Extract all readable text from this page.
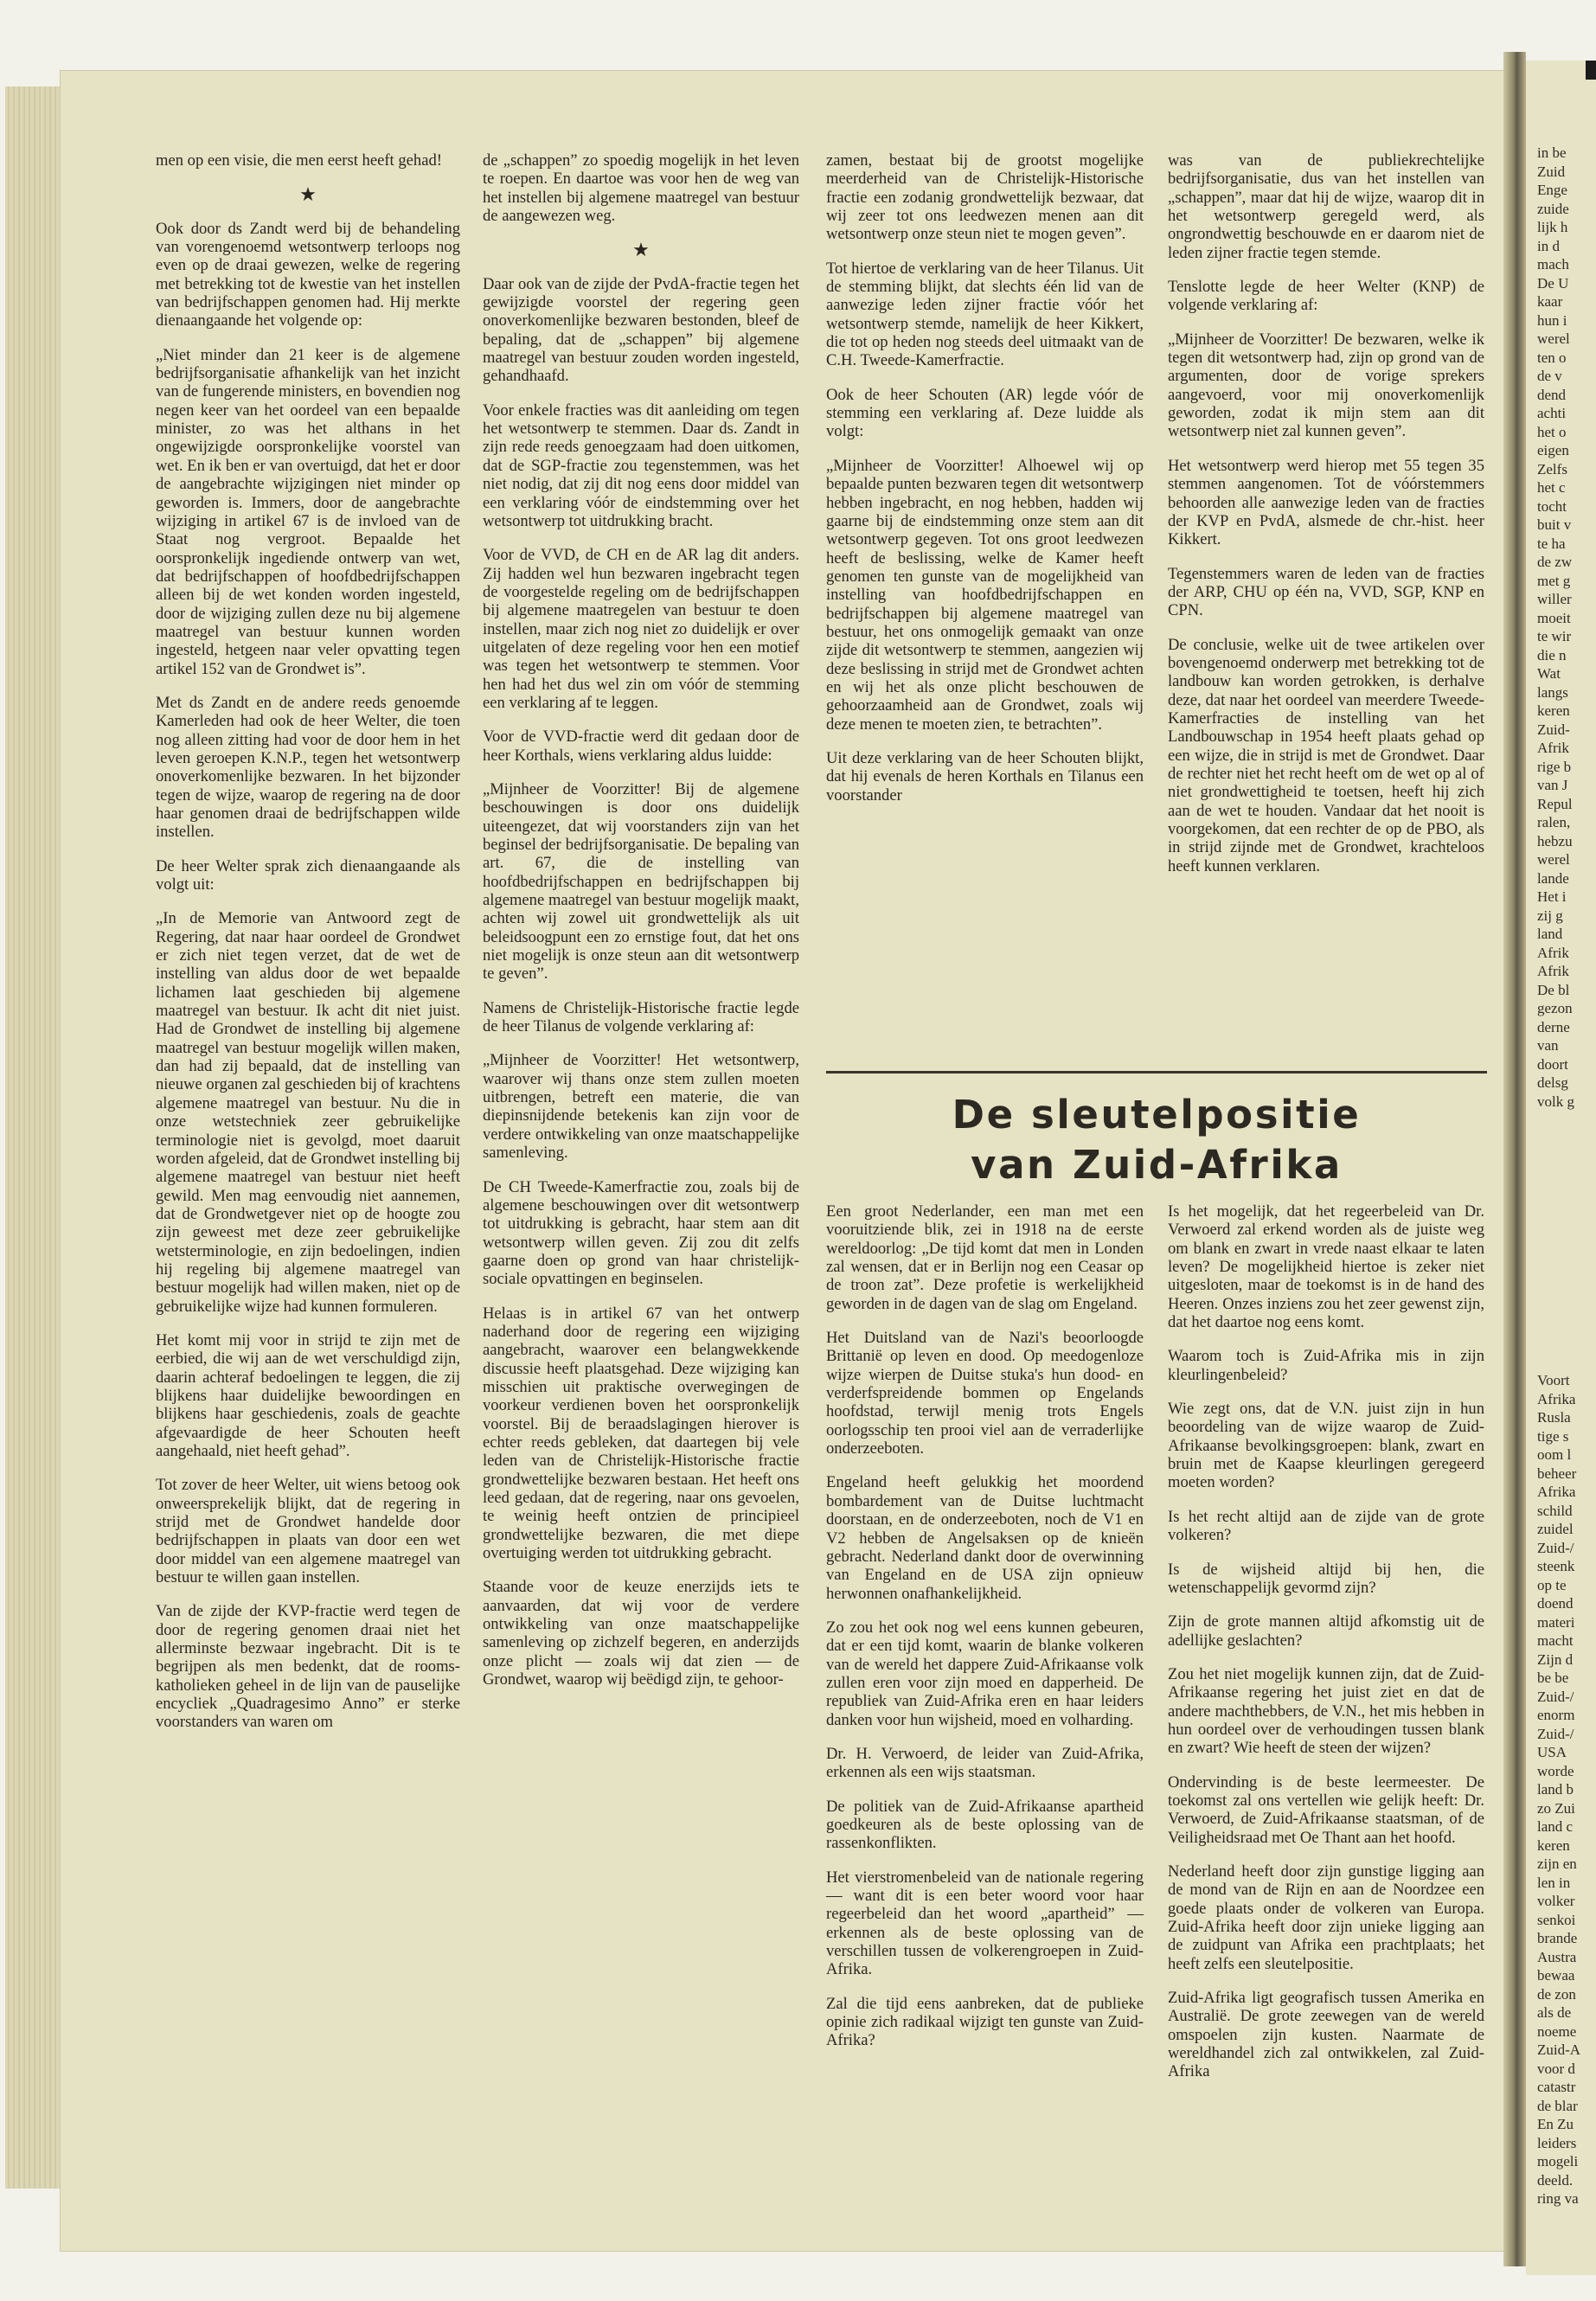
men op een visie, die men eerst heeft gehad!

★

Ook door ds Zandt werd bij de behandeling van vorengenoemd wetsontwerp terloops nog even op de draai gewezen, welke de regering met betrekking tot de kwestie van het instellen van bedrijfschappen genomen had. Hij merkte dienaangaande het volgende op:

„Niet minder dan 21 keer is de algemene bedrijfsorganisatie afhankelijk van het inzicht van de fungerende ministers, en bovendien nog negen keer van het oordeel van een bepaalde minister, zo was het althans in het ongewijzigde oorspronkelijke voorstel van wet. En ik ben er van overtuigd, dat het er door de aangebrachte wijzigingen niet minder op geworden is. Immers, door de aangebrachte wijziging in artikel 67 is de invloed van de Staat nog vergroot. Bepaalde het oorspronkelijk ingediende ontwerp van wet, dat bedrijfschappen of hoofdbedrijfschappen alleen bij de wet konden worden ingesteld, door de wijziging zullen deze nu bij algemene maatregel van bestuur kunnen worden ingesteld, hetgeen naar veler opvatting tegen artikel 152 van de Grondwet is”.

Met ds Zandt en de andere reeds genoemde Kamerleden had ook de heer Welter, die toen nog alleen zitting had voor de door hem in het leven geroepen K.N.P., tegen het wetsontwerp onoverkomenlijke bezwaren. In het bijzonder tegen de wijze, waarop de regering na de door haar genomen draai de bedrijfschappen wilde instellen.

De heer Welter sprak zich dienaangaande als volgt uit:

„In de Memorie van Antwoord zegt de Regering, dat naar haar oordeel de Grondwet er zich niet tegen verzet, dat de wet de instelling van aldus door de wet bepaalde lichamen laat geschieden bij algemene maatregel van bestuur. Ik acht dit niet juist. Had de Grondwet de instelling bij algemene maatregel van bestuur mogelijk willen maken, dan had zij bepaald, dat de instelling van nieuwe organen zal geschieden bij of krachtens algemene maatregel van bestuur. Nu die in onze wetstechniek zeer gebruikelijke terminologie niet is gevolgd, moet daaruit worden afgeleid, dat de Grondwet instelling bij algemene maatregel van bestuur niet heeft gewild. Men mag eenvoudig niet aannemen, dat de Grondwetgever niet op de hoogte zou zijn geweest met deze zeer gebruikelijke wetsterminologie, en zijn bedoelingen, indien hij regeling bij algemene maatregel van bestuur mogelijk had willen maken, niet op de gebruikelijke wijze had kunnen formuleren.

Het komt mij voor in strijd te zijn met de eerbied, die wij aan de wet verschuldigd zijn, daarin achteraf bedoelingen te leggen, die zij blijkens haar duidelijke bewoordingen en blijkens haar geschiedenis, zoals de geachte afgevaardigde de heer Schouten heeft aangehaald, niet heeft gehad”.

Tot zover de heer Welter, uit wiens betoog ook onweersprekelijk blijkt, dat de regering in strijd met de Grondwet handelde door bedrijfschappen in plaats van door een wet door middel van een algemene maatregel van bestuur te willen gaan instellen.

Van de zijde der KVP-fractie werd tegen de door de regering genomen draai niet het allerminste bezwaar ingebracht. Dit is te begrijpen als men bedenkt, dat de rooms-katholieken geheel in de lijn van de pauselijke encycliek „Quadragesimo Anno” er sterke voorstanders van waren om

de „schappen” zo spoedig mogelijk in het leven te roepen. En daartoe was voor hen de weg van het instellen bij algemene maatregel van bestuur de aangewezen weg.

★

Daar ook van de zijde der PvdA-fractie tegen het gewijzigde voorstel der regering geen onoverkomenlijke bezwaren bestonden, bleef de bepaling, dat de „schappen” bij algemene maatregel van bestuur zouden worden ingesteld, gehandhaafd.

Voor enkele fracties was dit aanleiding om tegen het wetsontwerp te stemmen. Daar ds. Zandt in zijn rede reeds genoegzaam had doen uitkomen, dat de SGP-fractie zou tegenstemmen, was het niet nodig, dat zij dit nog eens door middel van een verklaring vóór de eindstemming over het wetsontwerp tot uitdrukking bracht.

Voor de VVD, de CH en de AR lag dit anders. Zij hadden wel hun bezwaren ingebracht tegen de voorgestelde regeling om de bedrijfschappen bij algemene maatregelen van bestuur te doen instellen, maar zich nog niet zo duidelijk er over uitgelaten of deze regeling voor hen een motief was tegen het wetsontwerp te stemmen. Voor hen had het dus wel zin om vóór de stemming een verklaring af te leggen.

Voor de VVD-fractie werd dit gedaan door de heer Korthals, wiens verklaring aldus luidde:

„Mijnheer de Voorzitter! Bij de algemene beschouwingen is door ons duidelijk uiteengezet, dat wij voorstanders zijn van het beginsel der bedrijfsorganisatie. De bepaling van art. 67, die de instelling van hoofdbedrijfschappen en bedrijfschappen bij algemene maatregel van bestuur mogelijk maakt, achten wij zowel uit grondwettelijk als uit beleidsoogpunt een zo ernstige fout, dat het ons niet mogelijk is onze steun aan dit wetsontwerp te geven”.

Namens de Christelijk-Historische fractie legde de heer Tilanus de volgende verklaring af:

„Mijnheer de Voorzitter! Het wetsontwerp, waarover wij thans onze stem zullen moeten uitbrengen, betreft een materie, die van diepinsnijdende betekenis kan zijn voor de verdere ontwikkeling van onze maatschappelijke samenleving.

De CH Tweede-Kamerfractie zou, zoals bij de algemene beschouwingen over dit wetsontwerp tot uitdrukking is gebracht, haar stem aan dit wetsontwerp willen geven. Zij zou dit zelfs gaarne doen op grond van haar christelijk-sociale opvattingen en beginselen.

Helaas is in artikel 67 van het ontwerp naderhand door de regering een wijziging aangebracht, waarover een belangwekkende discussie heeft plaatsgehad. Deze wijziging kan misschien uit praktische overwegingen de voorkeur verdienen boven het oorspronkelijk voorstel. Bij de beraadslagingen hierover is echter reeds gebleken, dat daartegen bij vele leden van de Christelijk-Historische fractie grondwettelijke bezwaren bestaan. Het heeft ons leed gedaan, dat de regering, naar ons gevoelen, te weinig heeft ontzien de principieel grondwettelijke bezwaren, die met diepe overtuiging werden tot uitdrukking gebracht.

Staande voor de keuze enerzijds iets te aanvaarden, dat wij voor de verdere ontwikkeling van onze maatschappelijke samenleving op zichzelf begeren, en anderzijds onze plicht — zoals wij dat zien — de Grondwet, waarop wij beëdigd zijn, te gehoor-

zamen, bestaat bij de grootst mogelijke meerderheid van de Christelijk-Historische fractie een zodanig grondwettelijk bezwaar, dat wij zeer tot ons leedwezen menen aan dit wetsontwerp onze steun niet te mogen geven”.

Tot hiertoe de verklaring van de heer Tilanus. Uit de stemming blijkt, dat slechts één lid van de aanwezige leden zijner fractie vóór het wetsontwerp stemde, namelijk de heer Kikkert, die tot op heden nog steeds deel uitmaakt van de C.H. Tweede-Kamerfractie.

Ook de heer Schouten (AR) legde vóór de stemming een verklaring af. Deze luidde als volgt:

„Mijnheer de Voorzitter! Alhoewel wij op bepaalde punten bezwaren tegen dit wetsontwerp hebben ingebracht, en nog hebben, hadden wij gaarne bij de eindstemming onze stem aan dit wetsontwerp gegeven. Tot ons groot leedwezen heeft de beslissing, welke de Kamer heeft genomen ten gunste van de mogelijkheid van instelling van hoofdbedrijfschappen en bedrijfschappen bij algemene maatregel van bestuur, het ons onmogelijk gemaakt van onze zijde dit wetsontwerp te stemmen, aangezien wij deze beslissing in strijd met de Grondwet achten en wij het als onze plicht beschouwen de gehoorzaamheid aan de Grondwet, zoals wij deze menen te moeten zien, te betrachten”.

Uit deze verklaring van de heer Schouten blijkt, dat hij evenals de heren Korthals en Tilanus een voorstander

was van de publiekrechtelijke bedrijfsorganisatie, dus van het instellen van „schappen”, maar dat hij de wijze, waarop dit in het wetsontwerp geregeld werd, als ongrondwettig beschouwde en er daarom niet de leden zijner fractie tegen stemde.

Tenslotte legde de heer Welter (KNP) de volgende verklaring af:

„Mijnheer de Voorzitter! De bezwaren, welke ik tegen dit wetsontwerp had, zijn op grond van de argumenten, door de vorige sprekers aangevoerd, voor mij onoverkomenlijk geworden, zodat ik mijn stem aan dit wetsontwerp niet zal kunnen geven”.

Het wetsontwerp werd hierop met 55 tegen 35 stemmen aangenomen. Tot de vóórstemmers behoorden alle aanwezige leden van de fracties der KVP en PvdA, alsmede de chr.-hist. heer Kikkert.

Tegenstemmers waren de leden van de fracties der ARP, CHU op één na, VVD, SGP, KNP en CPN.

De conclusie, welke uit de twee artikelen over bovengenoemd onderwerp met betrekking tot de landbouw kan worden getrokken, is derhalve deze, dat naar het oordeel van meerdere Tweede-Kamerfracties de instelling van het Landbouwschap in 1954 heeft plaats gehad op een wijze, die in strijd is met de Grondwet. Daar de rechter niet het recht heeft om de wet op al of niet grondwettigheid te toetsen, heeft hij zich aan de wet te houden. Vandaar dat het nooit is voorgekomen, dat een rechter de op de PBO, als in strijd zijnde met de Grondwet, krachteloos heeft kunnen verklaren.

De sleutelpositie
van Zuid-Afrika

Een groot Nederlander, een man met een vooruitziende blik, zei in 1918 na de eerste wereldoorlog: „De tijd komt dat men in Londen zal wensen, dat er in Berlijn nog een Ceasar op de troon zat”. Deze profetie is werkelijkheid geworden in de dagen van de slag om Engeland.

Het Duitsland van de Nazi's beoorloogde Brittanië op leven en dood. Op meedogenloze wijze wierpen de Duitse stuka's hun dood- en verderfspreidende bommen op Engelands hoofdstad, terwijl menig trots Engels oorlogsschip ten prooi viel aan de verraderlijke onderzeeboten.

Engeland heeft gelukkig het moordend bombardement van de Duitse luchtmacht doorstaan, en de onderzeeboten, noch de V1 en V2 hebben de Angelsaksen op de knieën gebracht. Nederland dankt door de overwinning van Engeland en de USA zijn opnieuw herwonnen onafhankelijkheid.

Zo zou het ook nog wel eens kunnen gebeuren, dat er een tijd komt, waarin de blanke volkeren van de wereld het dappere Zuid-Afrikaanse volk zullen eren voor zijn moed en dapperheid. De republiek van Zuid-Afrika eren en haar leiders danken voor hun wijsheid, moed en volharding.

Dr. H. Verwoerd, de leider van Zuid-Afrika, erkennen als een wijs staatsman.

De politiek van de Zuid-Afrikaanse apartheid goedkeuren als de beste oplossing van de rassenkonflikten.

Het vierstromenbeleid van de nationale regering — want dit is een beter woord voor haar regeerbeleid dan het woord „apartheid” — erkennen als de beste oplossing van de verschillen tussen de volkerengroepen in Zuid-Afrika.

Zal die tijd eens aanbreken, dat de publieke opinie zich radikaal wijzigt ten gunste van Zuid-Afrika?

Is het mogelijk, dat het regeerbeleid van Dr. Verwoerd zal erkend worden als de juiste weg om blank en zwart in vrede naast elkaar te laten leven? De mogelijkheid hiertoe is zeker niet uitgesloten, maar de toekomst is in de hand des Heeren. Onzes inziens zou het zeer gewenst zijn, dat het daartoe nog eens komt.

Waarom toch is Zuid-Afrika mis in zijn kleurlingenbeleid?

Wie zegt ons, dat de V.N. juist zijn in hun beoordeling van de wijze waarop de Zuid-Afrikaanse bevolkingsgroepen: blank, zwart en bruin met de Kaapse kleurlingen geregeerd moeten worden?

Is het recht altijd aan de zijde van de grote volkeren?

Is de wijsheid altijd bij hen, die wetenschappelijk gevormd zijn?

Zijn de grote mannen altijd afkomstig uit de adellijke geslachten?

Zou het niet mogelijk kunnen zijn, dat de Zuid-Afrikaanse regering het juist ziet en dat de andere machthebbers, de V.N., het mis hebben in hun oordeel over de verhoudingen tussen blank en zwart? Wie heeft de steen der wijzen?

Ondervinding is de beste leermeester. De toekomst zal ons vertellen wie gelijk heeft: Dr. Verwoerd, de Zuid-Afrikaanse staatsman, of de Veiligheidsraad met Oe Thant aan het hoofd.

Nederland heeft door zijn gunstige ligging aan de mond van de Rijn en aan de Noordzee een goede plaats onder de volkeren van Europa. Zuid-Afrika heeft door zijn unieke ligging aan de zuidpunt van Afrika een prachtplaats; het heeft zelfs een sleutelpositie.

Zuid-Afrika ligt geografisch tussen Amerika en Australië. De grote zeewegen van de wereld omspoelen zijn kusten. Naarmate de wereldhandel zich zal ontwikkelen, zal Zuid-Afrika

in be
Zuid
Enge
zuide
lijk h
in d
mach
De U
kaar
hun i
werel
ten o
de v
dend
achti
het o
eigen
Zelfs
het c
tocht
buit v
te ha
de zw
met g
willer
moeit
te wir
die n
Wat
langs
keren
Zuid-
Afrik
rige b
van J
Repul
ralen,
hebzu
werel
lande
Het i
zij g
land
Afrik
Afrik
De bl
gezon
derne
van
doort
delsg
volk g
Voort
Afrika
Rusla
tige s
oom l
beheer
Afrika
schild
zuidel
Zuid-/
steenk
op te
doend
materi
macht
Zijn d
be be
Zuid-/
enorm
Zuid-/
USA
worde
land b
zo Zui
land c
keren
zijn en
len in
volker
senkoi
brande
Austra
bewaa
de zon
als de
noeme
Zuid-A
voor d
catastr
de blar
En Zu
leiders
mogeli
deeld.
ring va
